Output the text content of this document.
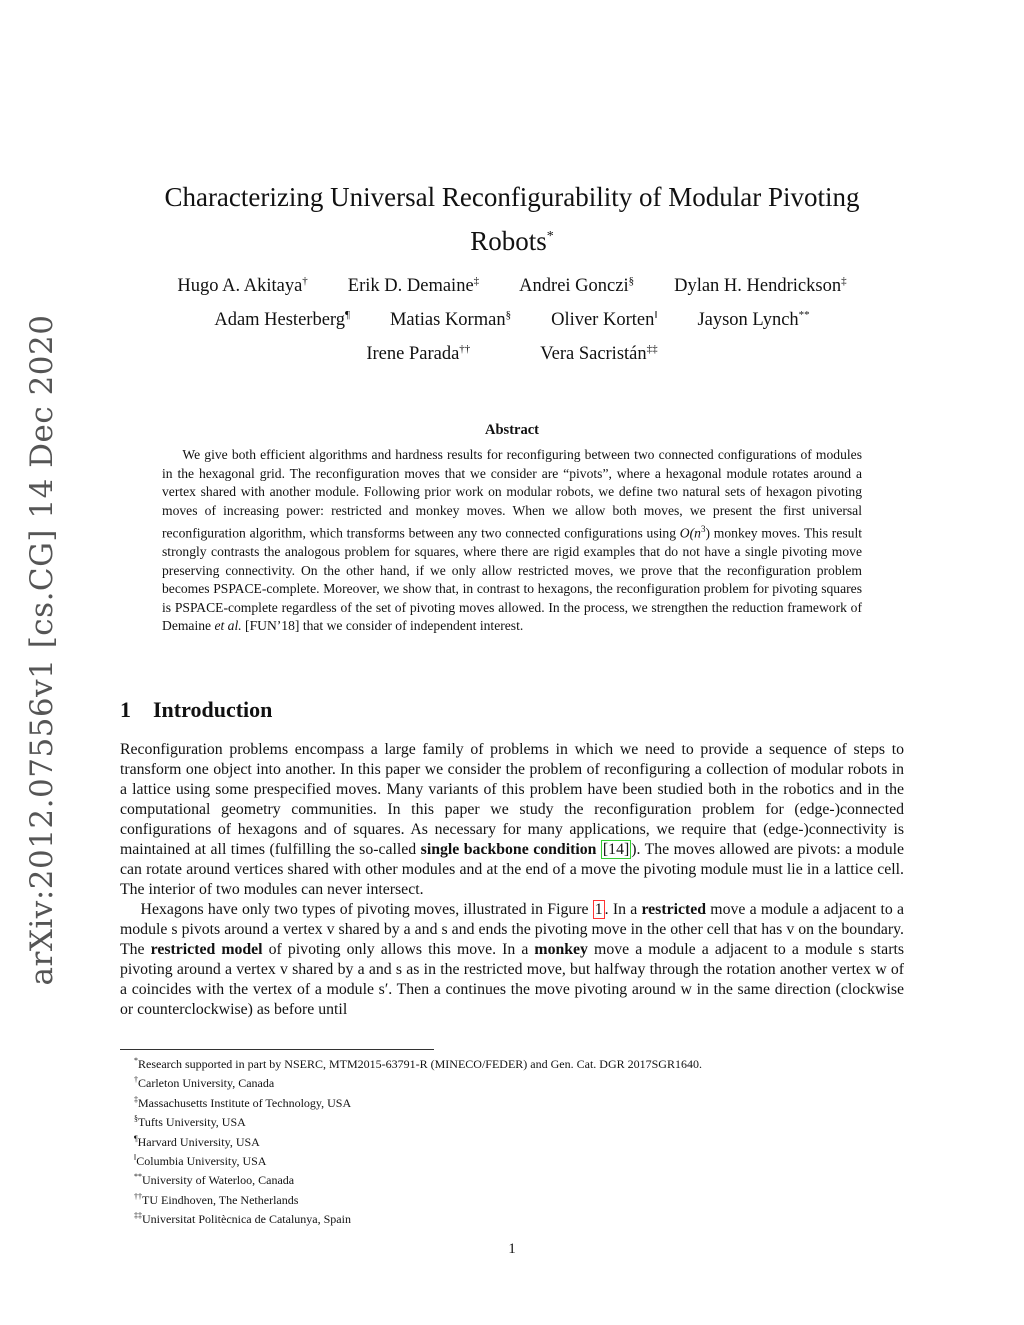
arXiv:2012.07556v1 [cs.CG] 14 Dec 2020
Characterizing Universal Reconfigurability of Modular Pivoting
Robots*
Hugo A. Akitaya† Erik D. Demaine‡ Andrei Gonczi§ Dylan H. Hendrickson‡
Adam Hesterberg¶ Matias Korman§ Oliver Korten‖ Jayson Lynch**
Irene Parada††	Vera Sacristán‡‡
Abstract
We give both efficient algorithms and hardness results for reconfiguring between two connected configurations of modules in the hexagonal grid. The reconfiguration moves that we consider are “pivots”, where a hexagonal module rotates around a vertex shared with another module. Following prior work on modular robots, we define two natural sets of hexagon pivoting moves of increasing power: restricted and monkey moves. When we allow both moves, we present the first universal reconfiguration algorithm, which transforms between any two connected configurations using $O(n^3)$ monkey moves. This result strongly contrasts the analogous problem for squares, where there are rigid examples that do not have a single pivoting move preserving connectivity. On the other hand, if we only allow restricted moves, we prove that the reconfiguration problem becomes PSPACE-complete. Moreover, we show that, in contrast to hexagons, the reconfiguration problem for pivoting squares is PSPACE-complete regardless of the set of pivoting moves allowed. In the process, we strengthen the reduction framework of Demaine et al. [FUN’18] that we consider of independent interest.
1 Introduction

Reconfiguration problems encompass a large family of problems in which we need to provide a sequence of steps to transform one object into another. In this paper we consider the problem of reconfiguring a collection of modular robots in a lattice using some prespecified moves. Many variants of this problem have been studied both in the robotics and in the computational geometry communities. In this paper we study the reconfiguration problem for (edge-)connected configurations of hexagons and of squares. As necessary for many applications, we require that (edge-)connectivity is maintained at all times (fulfilling the so-called single backbone condition [14] ). The moves allowed are pivots: a module can rotate around vertices shared with other modules and at the end of a move the pivoting module must lie in a lattice cell. The interior of two modules can never intersect.

Hexagons have only two types of pivoting moves, illustrated in Figure 1 . In a restricted move a module a adjacent to a module s pivots around a vertex v shared by a and s and ends the pivoting move in the other cell that has v on the boundary. The restricted model of pivoting only allows this move. In a monkey move a module a adjacent to a module s starts pivoting around a vertex v shared by a and s as in the restricted move, but halfway through the rotation another vertex w of a coincides with the vertex of a module s′. Then a continues the move pivoting around w in the same direction (clockwise or counterclockwise) as before until

*Research supported in part by NSERC, MTM2015-63791-R (MINECO/FEDER) and Gen. Cat. DGR 2017SGR1640.
†Carleton University, Canada
‡Massachusetts Institute of Technology, USA
§Tufts University, USA
¶Harvard University, USA
‖Columbia University, USA
**University of Waterloo, Canada
††TU Eindhoven, The Netherlands
‡‡Universitat Politècnica de Catalunya, Spain
1
